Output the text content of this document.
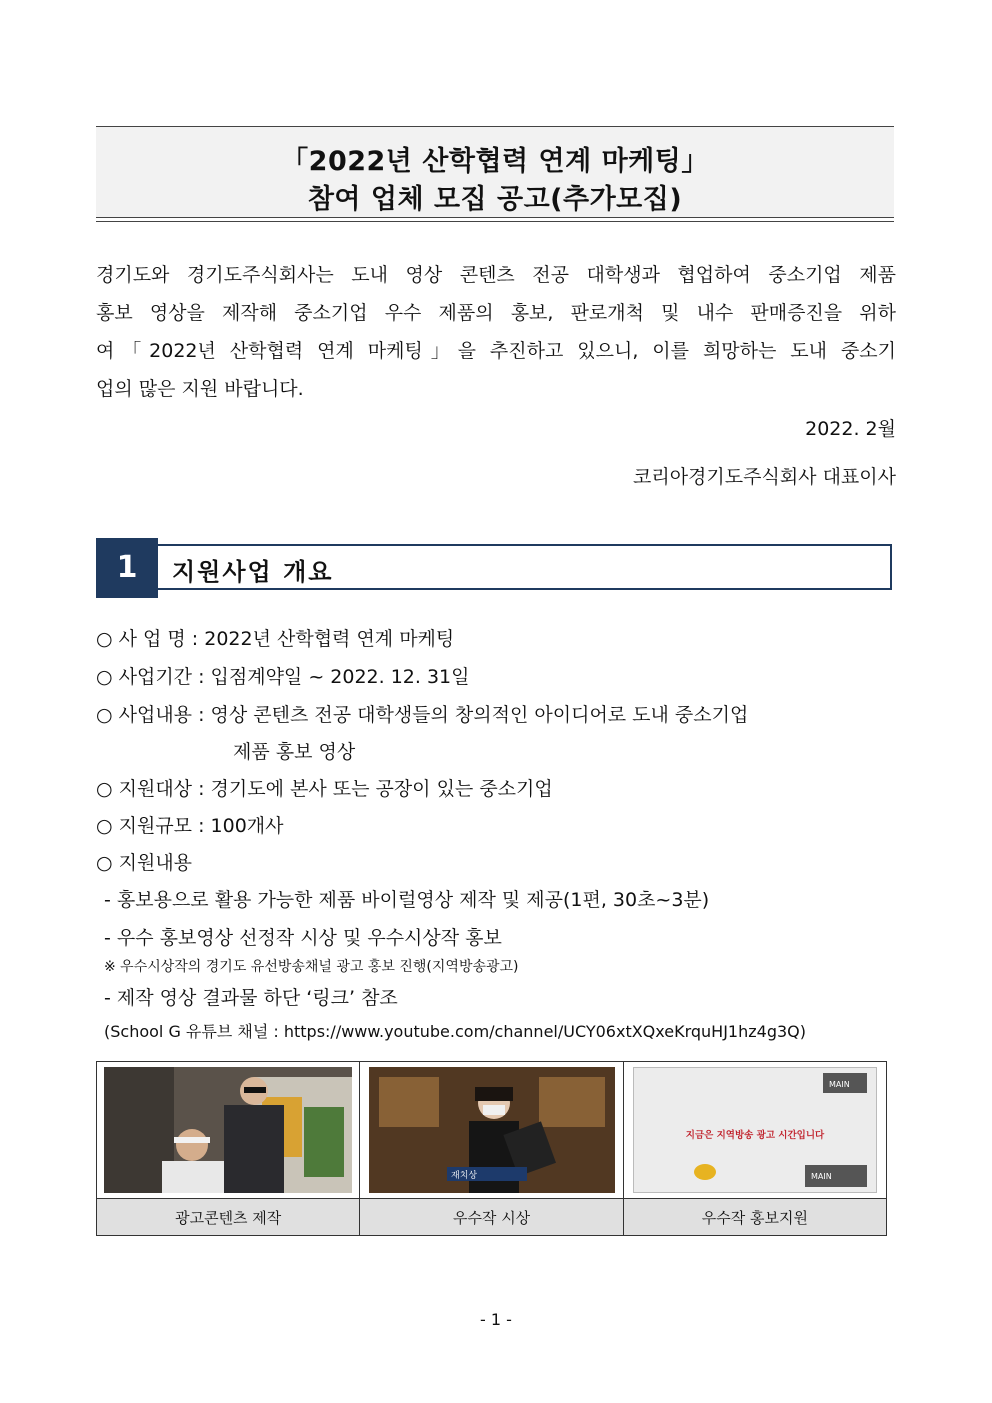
「2022년 산학협력 연계 마케팅」
참여 업체 모집 공고(추가모집)
경기도와 경기도주식회사는 도내 영상 콘텐츠 전공 대학생과 협업하여 중소기업 제품
홍보 영상을 제작해 중소기업 우수 제품의 홍보, 판로개척 및 내수 판매증진을 위하
여「2022년 산학협력 연계 마케팅」을 추진하고 있으니, 이를 희망하는 도내 중소기
업의 많은 지원 바랍니다.
2022. 2월
코리아경기도주식회사 대표이사
지원사업 개요
1
○ 사 업 명 : 2022년 산학협력 연계 마케팅
○ 사업기간 : 입점계약일 ~ 2022. 12. 31일
○ 사업내용 : 영상 콘텐츠 전공 대학생들의 창의적인 아이디어로 도내 중소기업
제품 홍보 영상
○ 지원대상 : 경기도에 본사 또는 공장이 있는 중소기업
○ 지원규모 : 100개사
○ 지원내용
- 홍보용으로 활용 가능한 제품 바이럴영상 제작 및 제공(1편, 30초~3분)
- 우수 홍보영상 선정작 시상 및 우수시상작 홍보
※ 우수시상작의 경기도 유선방송채널 광고 홍보 진행(지역방송광고)
- 제작 영상 결과물 하단 ‘링크’ 참조
(School G 유튜브 채널 : https://www.youtube.com/channel/UCY06xtXQxeKrquHJ1hz4g3Q)

재치상	MAIN
지금은 지역방송 광고 시간입니다
MAIN

광고콘텐츠 제작	우수작 시상	우수작 홍보지원
- 1 -
